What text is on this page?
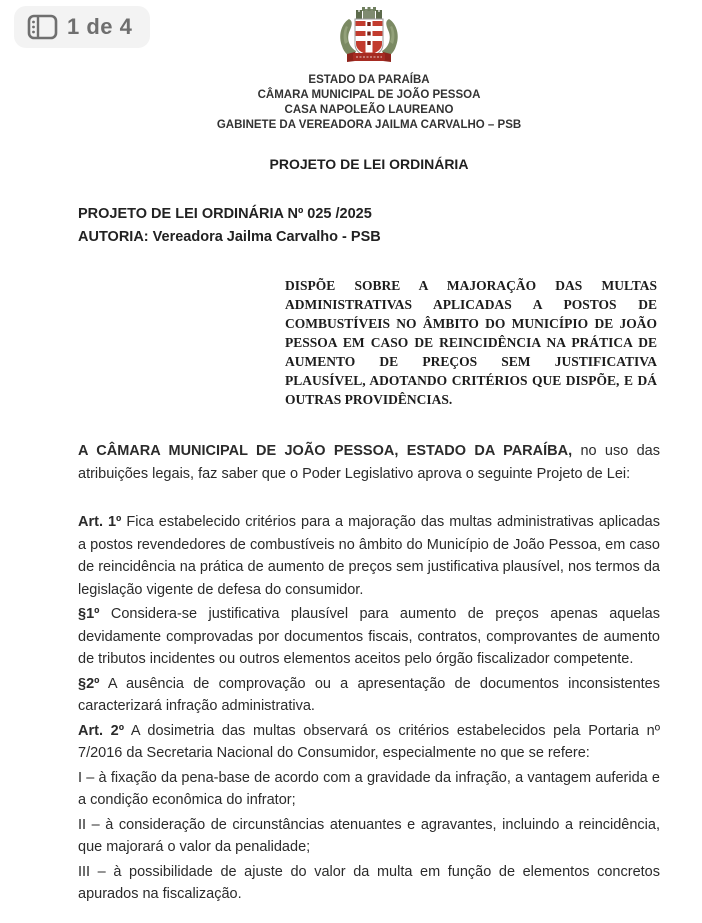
1 de 4
ESTADO DA PARAÍBA
CÂMARA MUNICIPAL DE JOÃO PESSOA
CASA NAPOLEÃO LAUREANO
GABINETE DA VEREADORA JAILMA CARVALHO – PSB
PROJETO DE LEI ORDINÁRIA
PROJETO DE LEI ORDINÁRIA Nº 025 /2025
AUTORIA: Vereadora Jailma Carvalho - PSB
DISPÕE SOBRE A MAJORAÇÃO DAS MULTAS ADMINISTRATIVAS APLICADAS A POSTOS DE COMBUSTÍVEIS NO ÂMBITO DO MUNICÍPIO DE JOÃO PESSOA EM CASO DE REINCIDÊNCIA NA PRÁTICA DE AUMENTO DE PREÇOS SEM JUSTIFICATIVA PLAUSÍVEL, ADOTANDO CRITÉRIOS QUE DISPÕE, E DÁ OUTRAS PROVIDÊNCIAS.
A CÂMARA MUNICIPAL DE JOÃO PESSOA, ESTADO DA PARAÍBA, no uso das atribuições legais, faz saber que o Poder Legislativo aprova o seguinte Projeto de Lei:

Art. 1º Fica estabelecido critérios para a majoração das multas administrativas aplicadas a postos revendedores de combustíveis no âmbito do Município de João Pessoa, em caso de reincidência na prática de aumento de preços sem justificativa plausível, nos termos da legislação vigente de defesa do consumidor.

§1º Considera-se justificativa plausível para aumento de preços apenas aquelas devidamente comprovadas por documentos fiscais, contratos, comprovantes de aumento de tributos incidentes ou outros elementos aceitos pelo órgão fiscalizador competente.

§2º A ausência de comprovação ou a apresentação de documentos inconsistentes caracterizará infração administrativa.

Art. 2º A dosimetria das multas observará os critérios estabelecidos pela Portaria nº 7/2016 da Secretaria Nacional do Consumidor, especialmente no que se refere:

I – à fixação da pena-base de acordo com a gravidade da infração, a vantagem auferida e a condição econômica do infrator;

II – à consideração de circunstâncias atenuantes e agravantes, incluindo a reincidência, que majorará o valor da penalidade;

III – à possibilidade de ajuste do valor da multa em função de elementos concretos apurados na fiscalização.
